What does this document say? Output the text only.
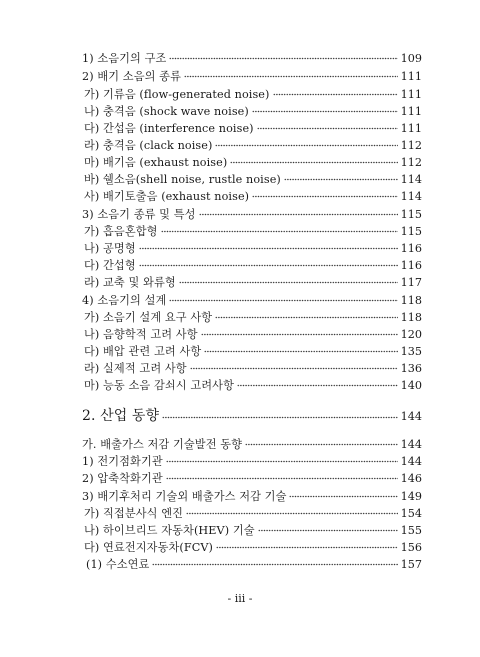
1) 소음기의 구조	109
2) 배기 소음의 종류	111
가) 기류음 (flow-generated noise)	111
나) 충격음 (shock wave noise)	111
다) 간섭음 (interference noise)	111
라) 충격음 (clack noise)	112
마) 배기음 (exhaust noise)	112
바) 쉘소음(shell noise, rustle noise)	114
사) 배기토출음 (exhaust noise)	114
3) 소음기 종류 및 특성	115
가) 흡음혼합형	115
나) 공명형	116
다) 간섭형	116
라) 교축 및 와류형	117
4) 소음기의 설계	118
가) 소음기 설계 요구 사항	118
나) 음향학적 고려 사항	120
다) 배압 관련 고려 사항	135
라) 실제적 고려 사항	136
마) 능동 소음 감쇠시 고려사항	140
2. 산업 동향	144
가. 배출가스 저감 기술발전 동향	144
1) 전기점화기관	144
2) 압축착화기관	146
3) 배기후처리 기술외 배출가스 저감 기술	149
가) 직접분사식 엔진	154
나) 하이브리드 자동차(HEV) 기술	155
다) 연료전지자동차(FCV)	156
(1) 수소연료	157
- iii -
